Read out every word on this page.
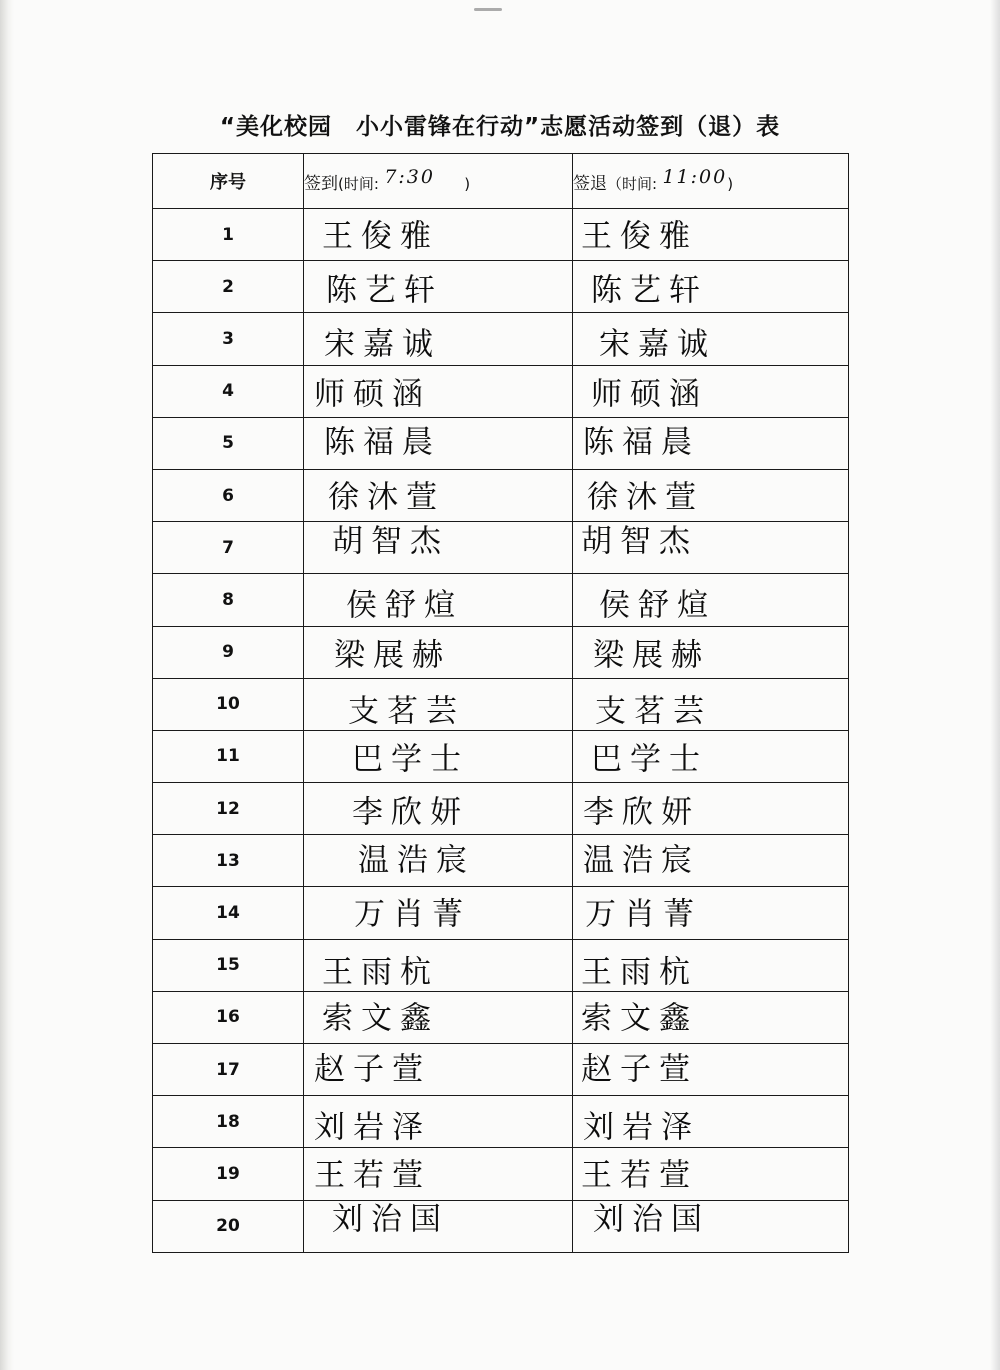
“美化校园　小小雷锋在行动”志愿活动签到（退）表
序号	签到(时间: 7:30      )	签退（时间: 11:00)
1	王俊雅	王俊雅

2	陈艺轩	陈艺轩

3	宋嘉诚	宋嘉诚

4	师硕涵	师硕涵

5	陈福晨	陈福晨

6	徐沐萱	徐沐萱

7	胡智杰	胡智杰

8	侯舒煊	侯舒煊

9	梁展赫	梁展赫

10	支茗芸	支茗芸

11	巴学士	巴学士

12	李欣妍	李欣妍

13	温浩宸	温浩宸

14	万肖菁	万肖菁

15	王雨杭	王雨杭

16	索文鑫	索文鑫

17	赵子萱	赵子萱

18	刘岩泽	刘岩泽

19	王若萱	王若萱

20	刘治国	刘治国
